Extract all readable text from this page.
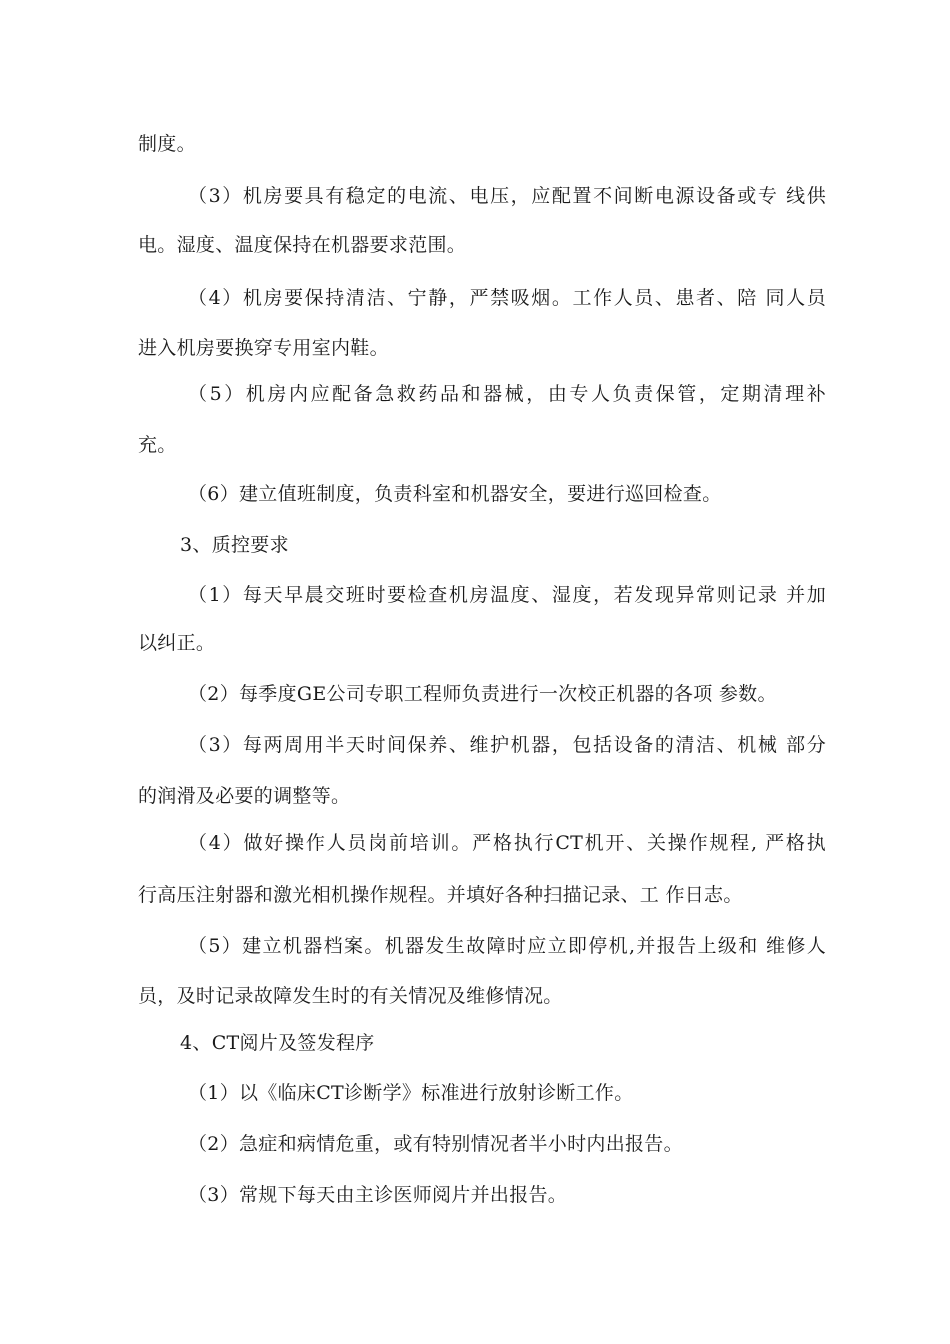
制度。
（3）机房要具有稳定的电流、电压，应配置不间断电源设备或专 线供
电。湿度、温度保持在机器要求范围。
（4）机房要保持清洁、宁静，严禁吸烟。工作人员、患者、陪 同人员
进入机房要换穿专用室内鞋。
（5）机房内应配备急救药品和器械，由专人负责保管，定期清理补
充。
（6）建立值班制度，负责科室和机器安全，要进行巡回检查。
3、质控要求
（1）每天早晨交班时要检查机房温度、湿度，若发现异常则记录 并加
以纠正。
（2）每季度GE公司专职工程师负责进行一次校正机器的各项 参数。
（3）每两周用半天时间保养、维护机器，包括设备的清洁、机械 部分
的润滑及必要的调整等。
（4）做好操作人员岗前培训。严格执行CT机开、关操作规程, 严格执
行高压注射器和激光相机操作规程。并填好各种扫描记录、工 作日志。
（5）建立机器档案。机器发生故障时应立即停机,并报告上级和 维修人
员，及时记录故障发生时的有关情况及维修情况。
4、CT阅片及签发程序
（1）以《临床CT诊断学》标准进行放射诊断工作。
（2）急症和病情危重，或有特别情况者半小时内出报告。
（3）常规下每天由主诊医师阅片并出报告。
